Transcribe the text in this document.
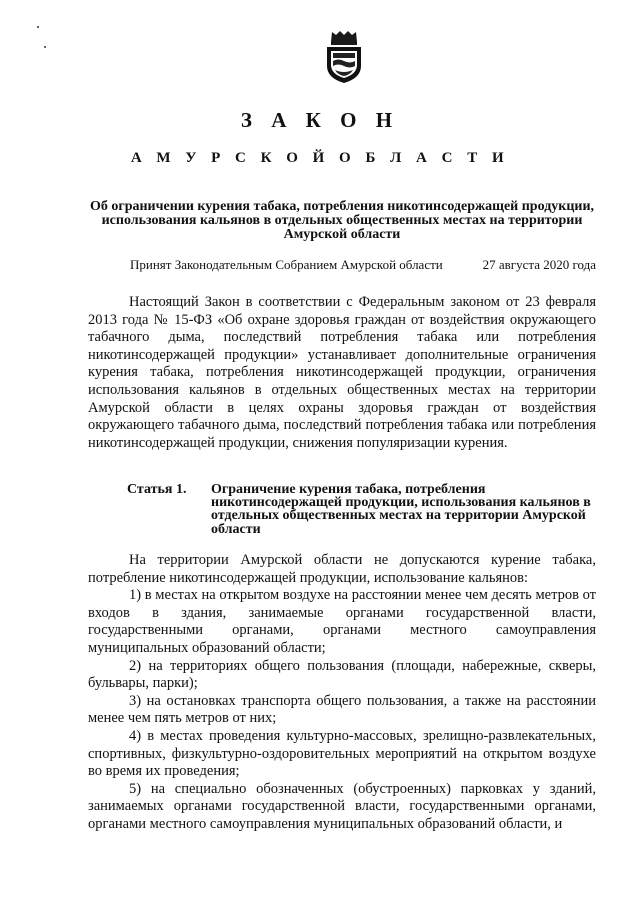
З А К О Н
А М У Р С К О Й О Б Л А С Т И
Об ограничении курения табака, потребления никотинсодержащей продукции, использования кальянов в отдельных общественных местах на территории Амурской области
Принят Законодательным Собранием Амурской области	27 августа 2020 года

Настоящий Закон в соответствии с Федеральным законом от 23 февраля 2013 года № 15-ФЗ «Об охране здоровья граждан от воздействия окружающего табачного дыма, последствий потребления табака или потребления никотинсодержащей продукции» устанавливает дополнительные ограничения курения табака, потребления никотинсодержащей продукции, ограничения использования кальянов в отдельных общественных местах на территории Амурской области в целях охраны здоровья граждан от воздействия окружающего табачного дыма, последствий потребления табака или потребления никотинсодержащей продукции, снижения популяризации курения.

Статья 1. Ограничение курения табака, потребления никотинсодержащей продукции, использования кальянов в отдельных общественных местах на территории Амурской области

На территории Амурской области не допускаются курение табака, потребление никотинсодержащей продукции, использование кальянов:

1) в местах на открытом воздухе на расстоянии менее чем десять метров от входов в здания, занимаемые органами государственной власти, государственными органами, органами местного самоуправления муниципальных образований области;

2) на территориях общего пользования (площади, набережные, скверы, бульвары, парки);

3) на остановках транспорта общего пользования, а также на расстоянии менее чем пять метров от них;

4) в местах проведения культурно-массовых, зрелищно-развлекательных, спортивных, физкультурно-оздоровительных мероприятий на открытом воздухе во время их проведения;

5) на специально обозначенных (обустроенных) парковках у зданий, занимаемых органами государственной власти, государственными органами, органами местного самоуправления муниципальных образований области, и
